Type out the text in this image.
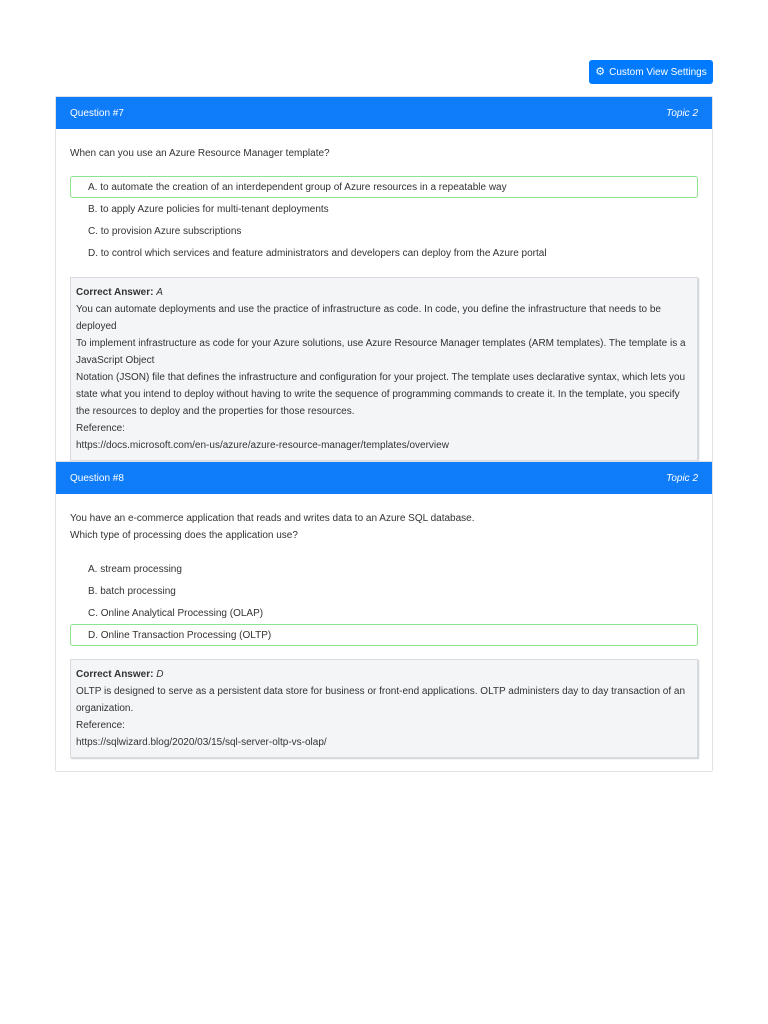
⚙ Custom View Settings
Question #7	Topic 2
When can you use an Azure Resource Manager template?
A. to automate the creation of an interdependent group of Azure resources in a repeatable way
B. to apply Azure policies for multi-tenant deployments
C. to provision Azure subscriptions
D. to control which services and feature administrators and developers can deploy from the Azure portal
Correct Answer: A
You can automate deployments and use the practice of infrastructure as code. In code, you define the infrastructure that needs to be deployed
To implement infrastructure as code for your Azure solutions, use Azure Resource Manager templates (ARM templates). The template is a JavaScript Object
Notation (JSON) file that defines the infrastructure and configuration for your project. The template uses declarative syntax, which lets you state what you intend to deploy without having to write the sequence of programming commands to create it. In the template, you specify the resources to deploy and the properties for those resources.
Reference:
https://docs.microsoft.com/en-us/azure/azure-resource-manager/templates/overview
Question #8	Topic 2
You have an e-commerce application that reads and writes data to an Azure SQL database.
Which type of processing does the application use?
A. stream processing
B. batch processing
C. Online Analytical Processing (OLAP)
D. Online Transaction Processing (OLTP)
Correct Answer: D
OLTP is designed to serve as a persistent data store for business or front-end applications. OLTP administers day to day transaction of an organization.
Reference:
https://sqlwizard.blog/2020/03/15/sql-server-oltp-vs-olap/
